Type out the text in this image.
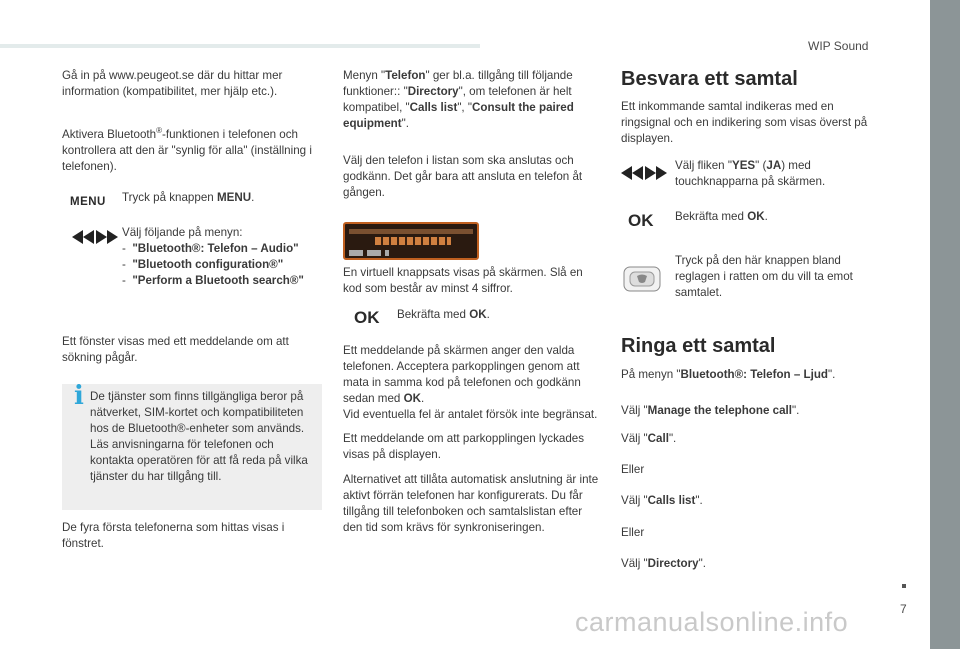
WIP Sound
7
Gå in på www.peugeot.se där du hittar mer information (kompatibilitet, mer hjälp etc.).
Aktivera Bluetooth®-funktionen i telefonen och kontrollera att den är "synlig för alla" (inställning i telefonen).
MENU Tryck på knappen MENU.
Välj följande på menyn:
-  "Bluetooth®: Telefon – Audio"
-  "Bluetooth configuration®"
-  "Perform a Bluetooth search®"
Ett fönster visas med ett meddelande om att sökning pågår.
i De tjänster som finns tillgängliga beror på nätverket, SIM-kortet och kompatibiliteten hos de Bluetooth®-enheter som används. Läs anvisningarna för telefonen och kontakta operatören för att få reda på vilka tjänster du har tillgång till.
De fyra första telefonerna som hittas visas i fönstret.
Menyn "Telefon" ger bl.a. tillgång till följande funktioner:: "Directory", om telefonen är helt kompatibel, "Calls list", "Consult the paired equipment".
Välj den telefon i listan som ska anslutas och godkänn. Det går bara att ansluta en telefon åt gången.
En virtuell knappsats visas på skärmen. Slå en kod som består av minst 4 siffror.
OK Bekräfta med OK.
Ett meddelande på skärmen anger den valda telefonen. Acceptera parkopplingen genom att mata in samma kod på telefonen och godkänn sedan med OK.
Vid eventuella fel är antalet försök inte begränsat.
Ett meddelande om att parkopplingen lyckades visas på displayen.
Alternativet att tillåta automatisk anslutning är inte aktivt förrän telefonen har konfigurerats. Du får tillgång till telefonboken och samtalslistan efter den tid som krävs för synkroniseringen.
Besvara ett samtal
Ett inkommande samtal indikeras med en ringsignal och en indikering som visas överst på displayen.
Välj fliken "YES" (JA) med touchknapparna på skärmen.
OK Bekräfta med OK.
Tryck på den här knappen bland reglagen i ratten om du vill ta emot samtalet.
Ringa ett samtal
På menyn "Bluetooth®: Telefon – Ljud".
Välj "Manage the telephone call".
Välj "Call".
Eller
Välj "Calls list".
Eller
Välj "Directory".
carmanualsonline.info
